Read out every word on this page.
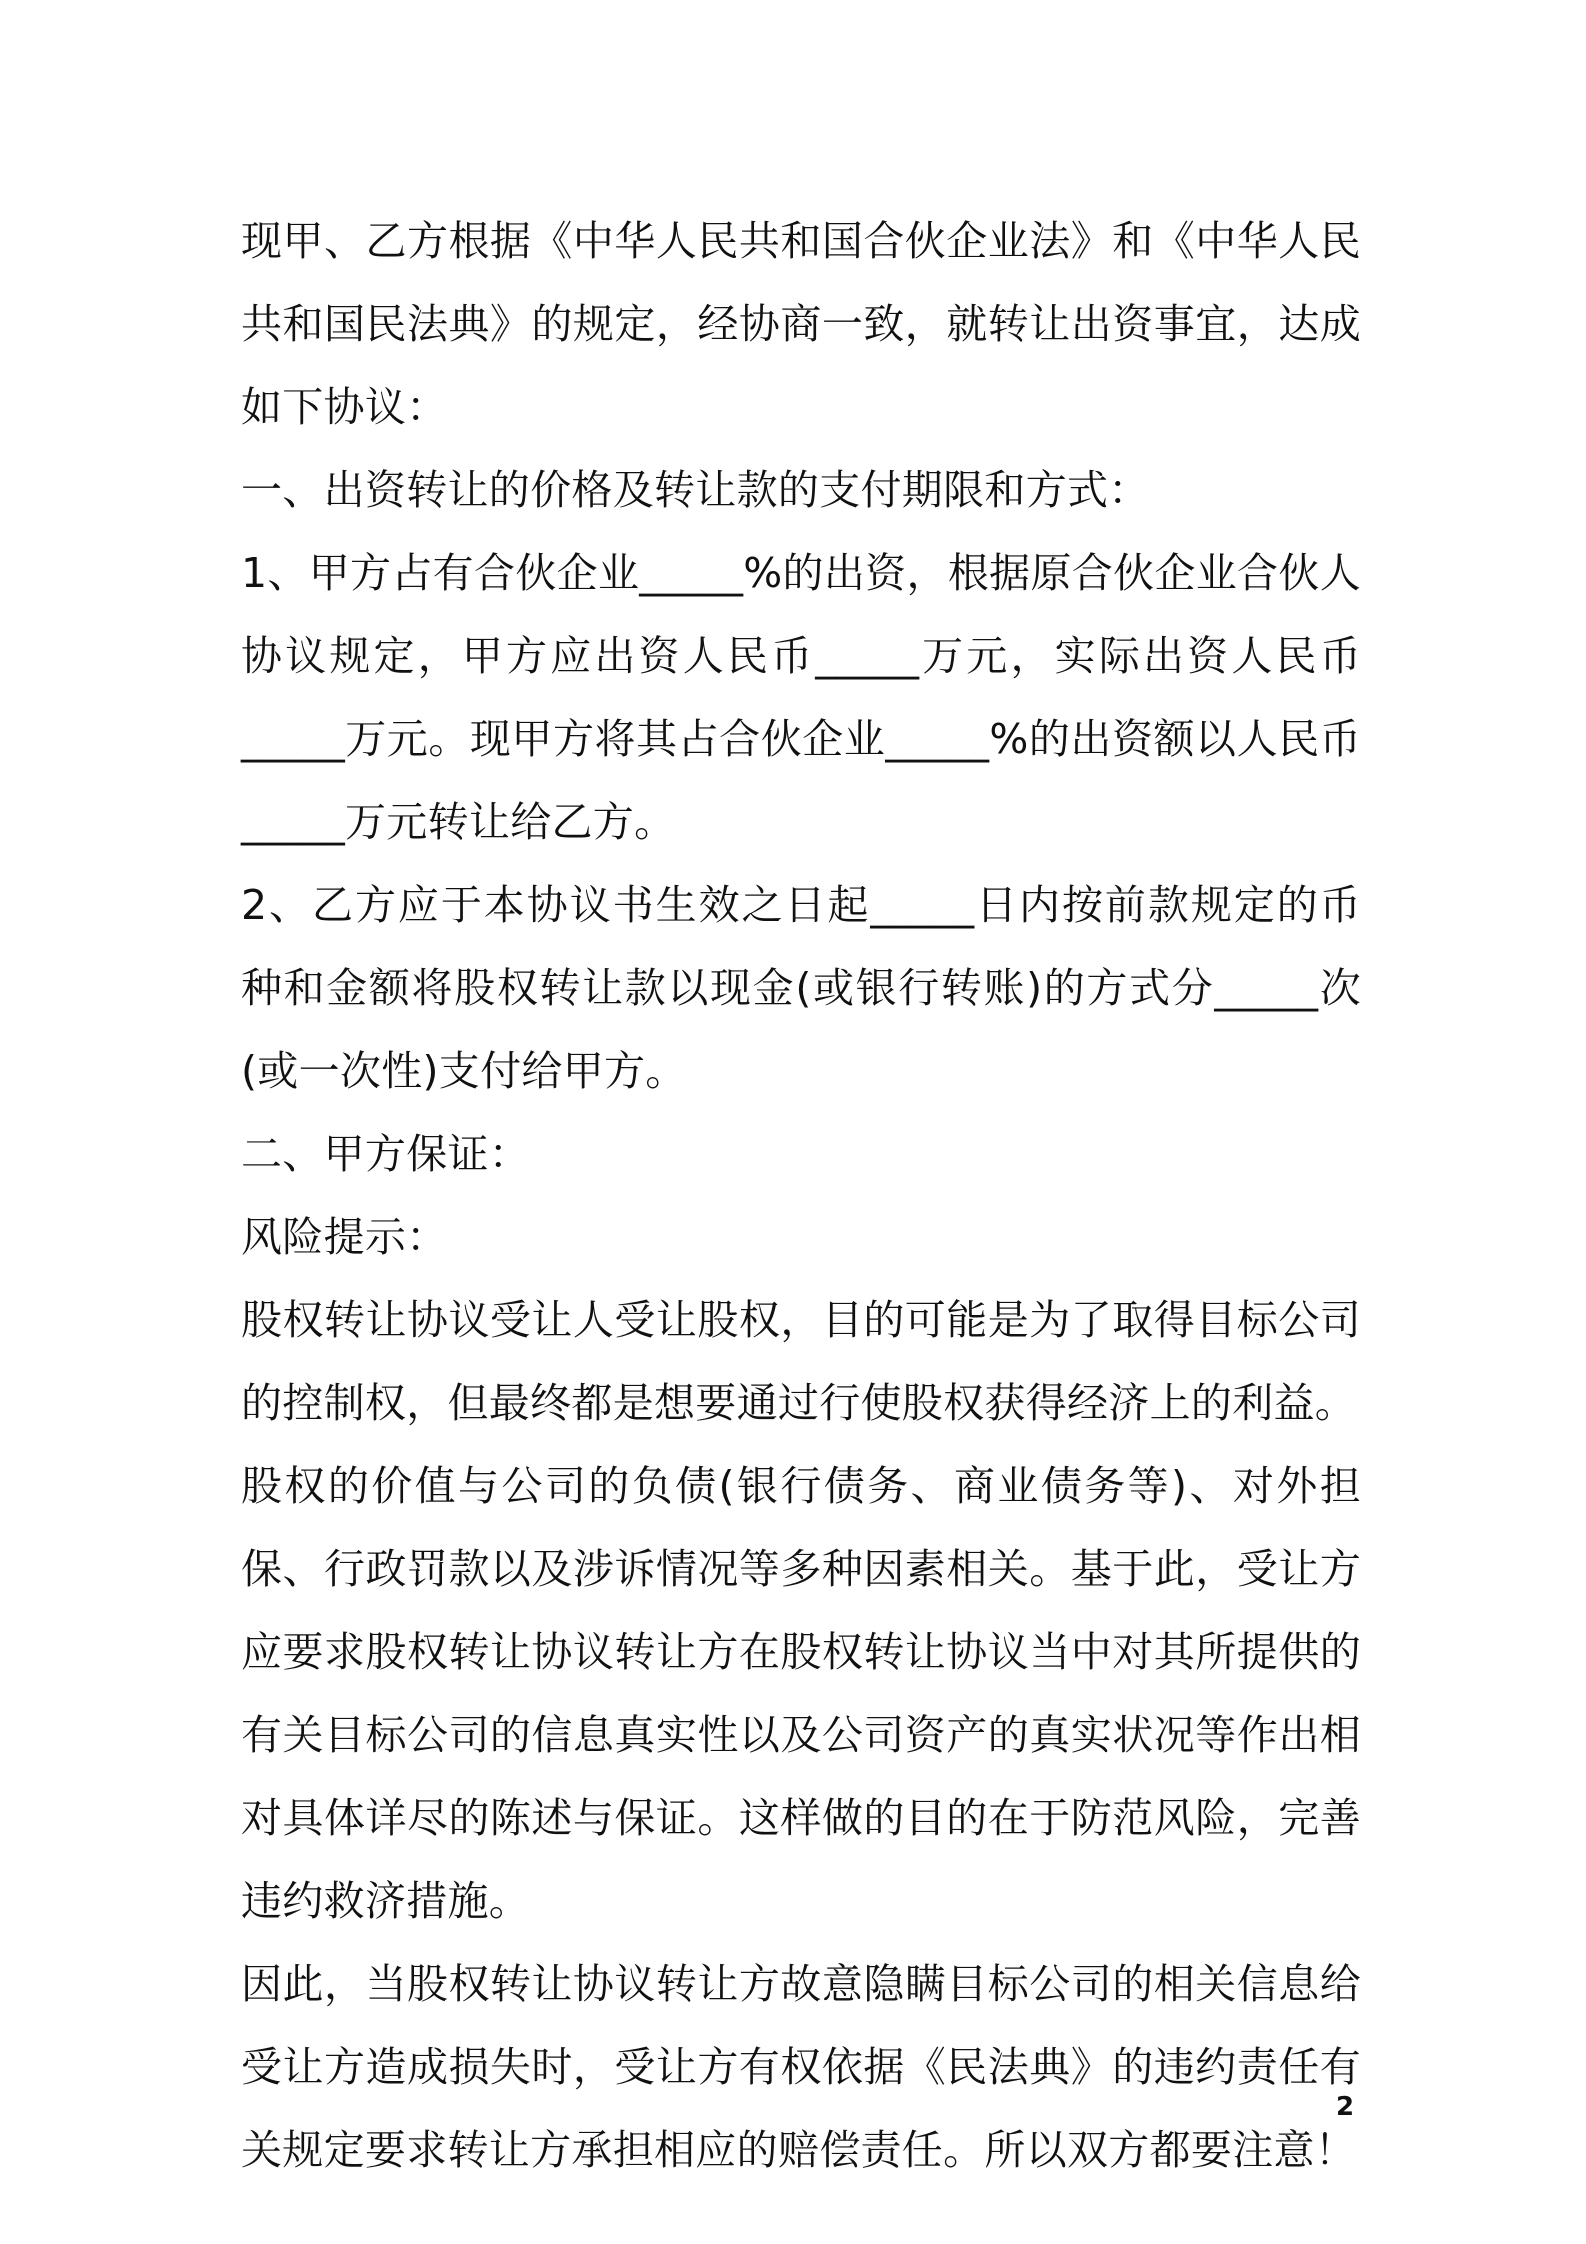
现甲、乙方根据《中华人民共和国合伙企业法》和《中华人民共和国民法典》的规定，经协商一致，就转让出资事宜，达成如下协议：

一、出资转让的价格及转让款的支付期限和方式：

1、甲方占有合伙企业_____%的出资，根据原合伙企业合伙人协议规定，甲方应出资人民币_____万元，实际出资人民币_____万元。现甲方将其占合伙企业_____%的出资额以人民币_____万元转让给乙方。

2、乙方应于本协议书生效之日起_____日内按前款规定的币种和金额将股权转让款以现金(或银行转账)的方式分_____次(或一次性)支付给甲方。

二、甲方保证：

风险提示：

股权转让协议受让人受让股权，目的可能是为了取得目标公司的控制权，但最终都是想要通过行使股权获得经济上的利益。

股权的价值与公司的负债(银行债务、商业债务等)、对外担保、行政罚款以及涉诉情况等多种因素相关。基于此，受让方应要求股权转让协议转让方在股权转让协议当中对其所提供的有关目标公司的信息真实性以及公司资产的真实状况等作出相对具体详尽的陈述与保证。这样做的目的在于防范风险，完善违约救济措施。

因此，当股权转让协议转让方故意隐瞒目标公司的相关信息给受让方造成损失时，受让方有权依据《民法典》的违约责任有关规定要求转让方承担相应的赔偿责任。所以双方都要注意！

2
